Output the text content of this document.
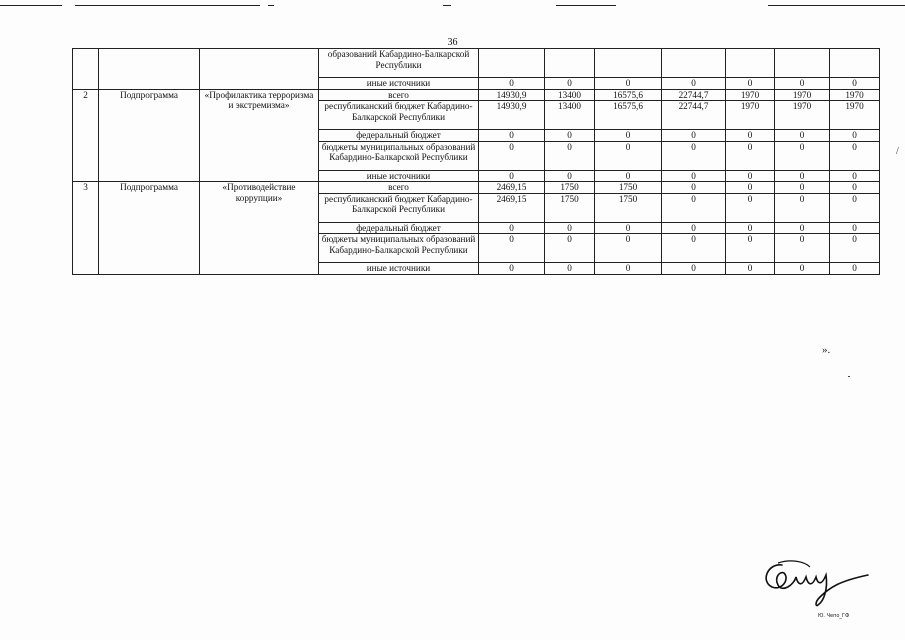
36
			образований Кабардино-Балкарской Республики							
			иные источники	0	0	0	0	0	0	0
2	Подпрограмма	«Профилактика терроризма и экстремизма»	всего	14930,9	13400	16575,6	22744,7	1970	1970	1970
			республиканский бюджет Кабардино-Балкарской Республики	14930,9	13400	16575,6	22744,7	1970	1970	1970
			федеральный бюджет	0	0	0	0	0	0	0
			бюджеты муниципальных образований Кабардино-Балкарской Республики	0	0	0	0	0	0	0
			иные источники	0	0	0	0	0	0	0
3	Подпрограмма	«Противодействие коррупции»	всего	2469,15	1750	1750	0	0	0	0
			республиканский бюджет Кабардино-Балкарской Республики	2469,15	1750	1750	0	0	0	0
			федеральный бюджет	0	0	0	0	0	0	0
			бюджеты муниципальных образований Кабардино-Балкарской Республики	0	0	0	0	0	0	0
			иные источники	0	0	0	0	0	0	0
».
/
Ю. Чепо_ГФ
